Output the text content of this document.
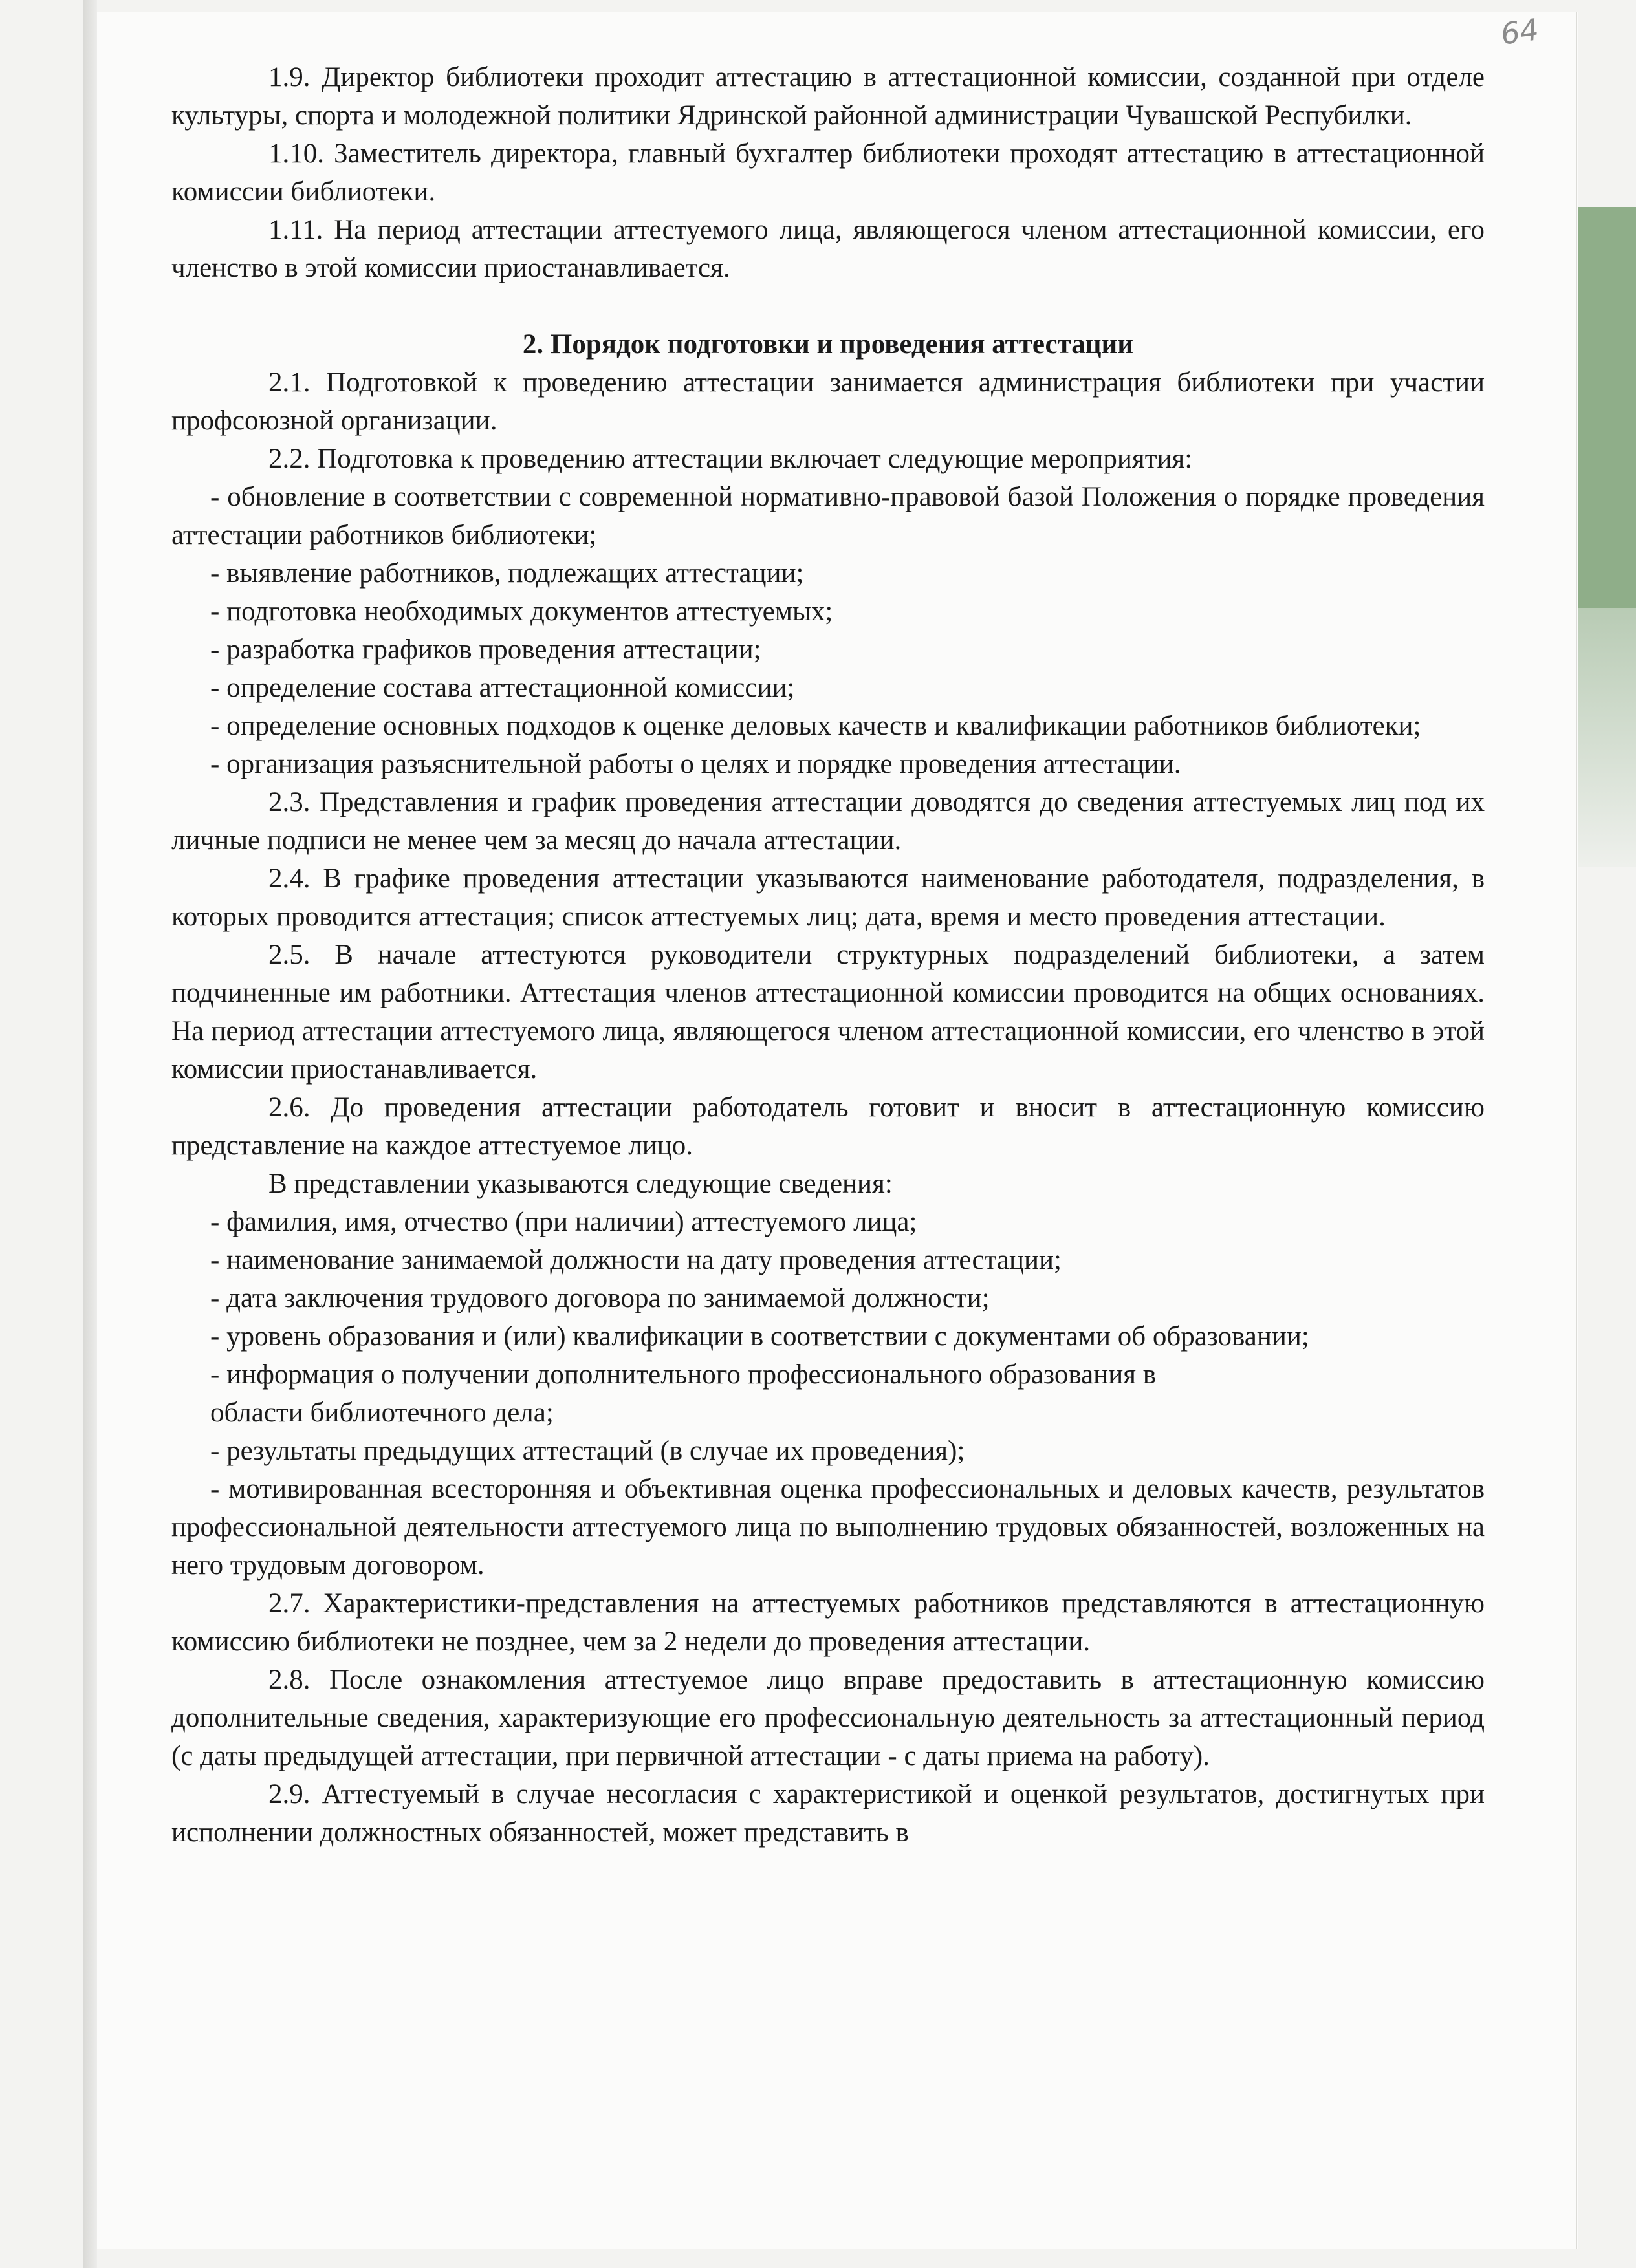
64

1.9. Директор библиотеки проходит аттестацию в аттестационной комиссии, созданной при отделе культуры, спорта и молодежной политики Ядринской районной администрации Чувашской Респубилки.

1.10. Заместитель директора, главный бухгалтер библиотеки проходят аттестацию в аттестационной комиссии библиотеки.

1.11. На период аттестации аттестуемого лица, являющегося членом аттестационной комиссии, его членство в этой комиссии приостанавливается.

2. Порядок подготовки и проведения аттестации

2.1. Подготовкой к проведению аттестации занимается администрация библиотеки при участии профсоюзной организации.

2.2. Подготовка к проведению аттестации включает следующие мероприятия:

- обновление в соответствии с современной нормативно-правовой базой Положения о порядке проведения аттестации работников библиотеки;

- выявление работников, подлежащих аттестации;

- подготовка необходимых документов аттестуемых;

- разработка графиков проведения аттестации;

- определение состава аттестационной комиссии;

- определение основных подходов к оценке деловых качеств и квалификации работников библиотеки;

- организация разъяснительной работы о целях и порядке проведения аттестации.

2.3. Представления и график проведения аттестации доводятся до сведения аттестуемых лиц под их личные подписи не менее чем за месяц до начала аттестации.

2.4. В графике проведения аттестации указываются наименование работодателя, подразделения, в которых проводится аттестация; список аттестуемых лиц; дата, время и место проведения аттестации.

2.5. В начале аттестуются руководители структурных подразделений библиотеки, а затем подчиненные им работники. Аттестация членов аттестационной комиссии проводится на общих основаниях. На период аттестации аттестуемого лица, являющегося членом аттестационной комиссии, его членство в этой комиссии приостанавливается.

2.6. До проведения аттестации работодатель готовит и вносит в аттестационную комиссию представление на каждое аттестуемое лицо.

В представлении указываются следующие сведения:

- фамилия, имя, отчество (при наличии) аттестуемого лица;

- наименование занимаемой должности на дату проведения аттестации;

- дата заключения трудового договора по занимаемой должности;

- уровень образования и (или) квалификации в соответствии с документами об образовании;

- информация о получении дополнительного профессионального образования в

области библиотечного дела;

- результаты предыдущих аттестаций (в случае их проведения);

- мотивированная всесторонняя и объективная оценка профессиональных и деловых качеств, результатов профессиональной деятельности аттестуемого лица по выполнению трудовых обязанностей, возложенных на него трудовым договором.

2.7. Характеристики-представления на аттестуемых работников представляются в аттестационную комиссию библиотеки не позднее, чем за 2 недели до проведения аттестации.

2.8. После ознакомления аттестуемое лицо вправе предоставить в аттестационную комиссию дополнительные сведения, характеризующие его профессиональную деятельность за аттестационный период (с даты предыдущей аттестации, при первичной аттестации - с даты приема на работу).

2.9. Аттестуемый в случае несогласия с характеристикой и оценкой результатов, достигнутых при исполнении должностных обязанностей, может представить в
